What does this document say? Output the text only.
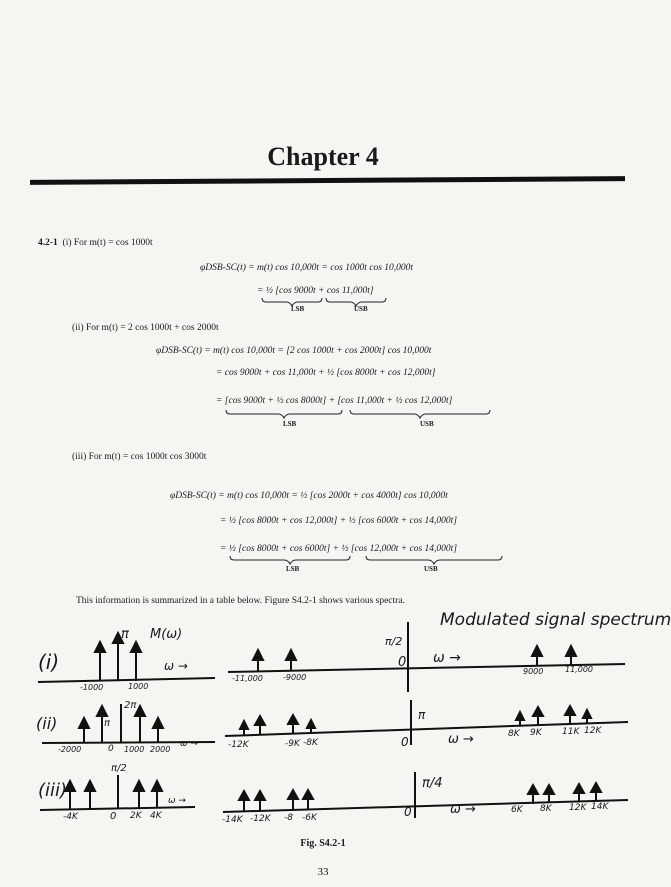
Chapter 4
4.2-1 (i) For m(t) = cos 1000t
φDSB-SC(t) = m(t) cos 10,000t = cos 1000t cos 10,000t
= ½ [cos 9000t + cos 11,000t]
LSB	USB
(ii) For m(t) = 2 cos 1000t + cos 2000t
φDSB-SC(t) = m(t) cos 10,000t = [2 cos 1000t + cos 2000t] cos 10,000t
= cos 9000t + cos 11,000t + ½ [cos 8000t + cos 12,000t]
= [cos 9000t + ½ cos 8000t] + [cos 11,000t + ½ cos 12,000t]
LSB	USB
(iii) For m(t) = cos 1000t cos 3000t
φDSB-SC(t) = m(t) cos 10,000t = ½ [cos 2000t + cos 4000t] cos 10,000t
= ½ [cos 8000t + cos 12,000t] + ½ [cos 6000t + cos 14,000t]
= ½ [cos 8000t + cos 6000t] + ½ [cos 12,000t + cos 14,000t]
LSB	USB
This information is summarized in a table below. Figure S4.2-1 shows various spectra.
Modulated signal spectrum
(i)
π M(ω)
ω →
-1000	1000
-11,000	-9000
π/2
0 ω →
9000	11,000
(ii)
2π
π
-2000	0 1000 2000
ω →	-12K	-9K -8K
π
0	ω →	8K 9K 11K 12K
(iii)
π/2
-4K	0 2K 4K
ω →
-14K -12K -8 -6K
π/4
0	ω →	6K 8K 12K 14K
Fig. S4.2-1
33
